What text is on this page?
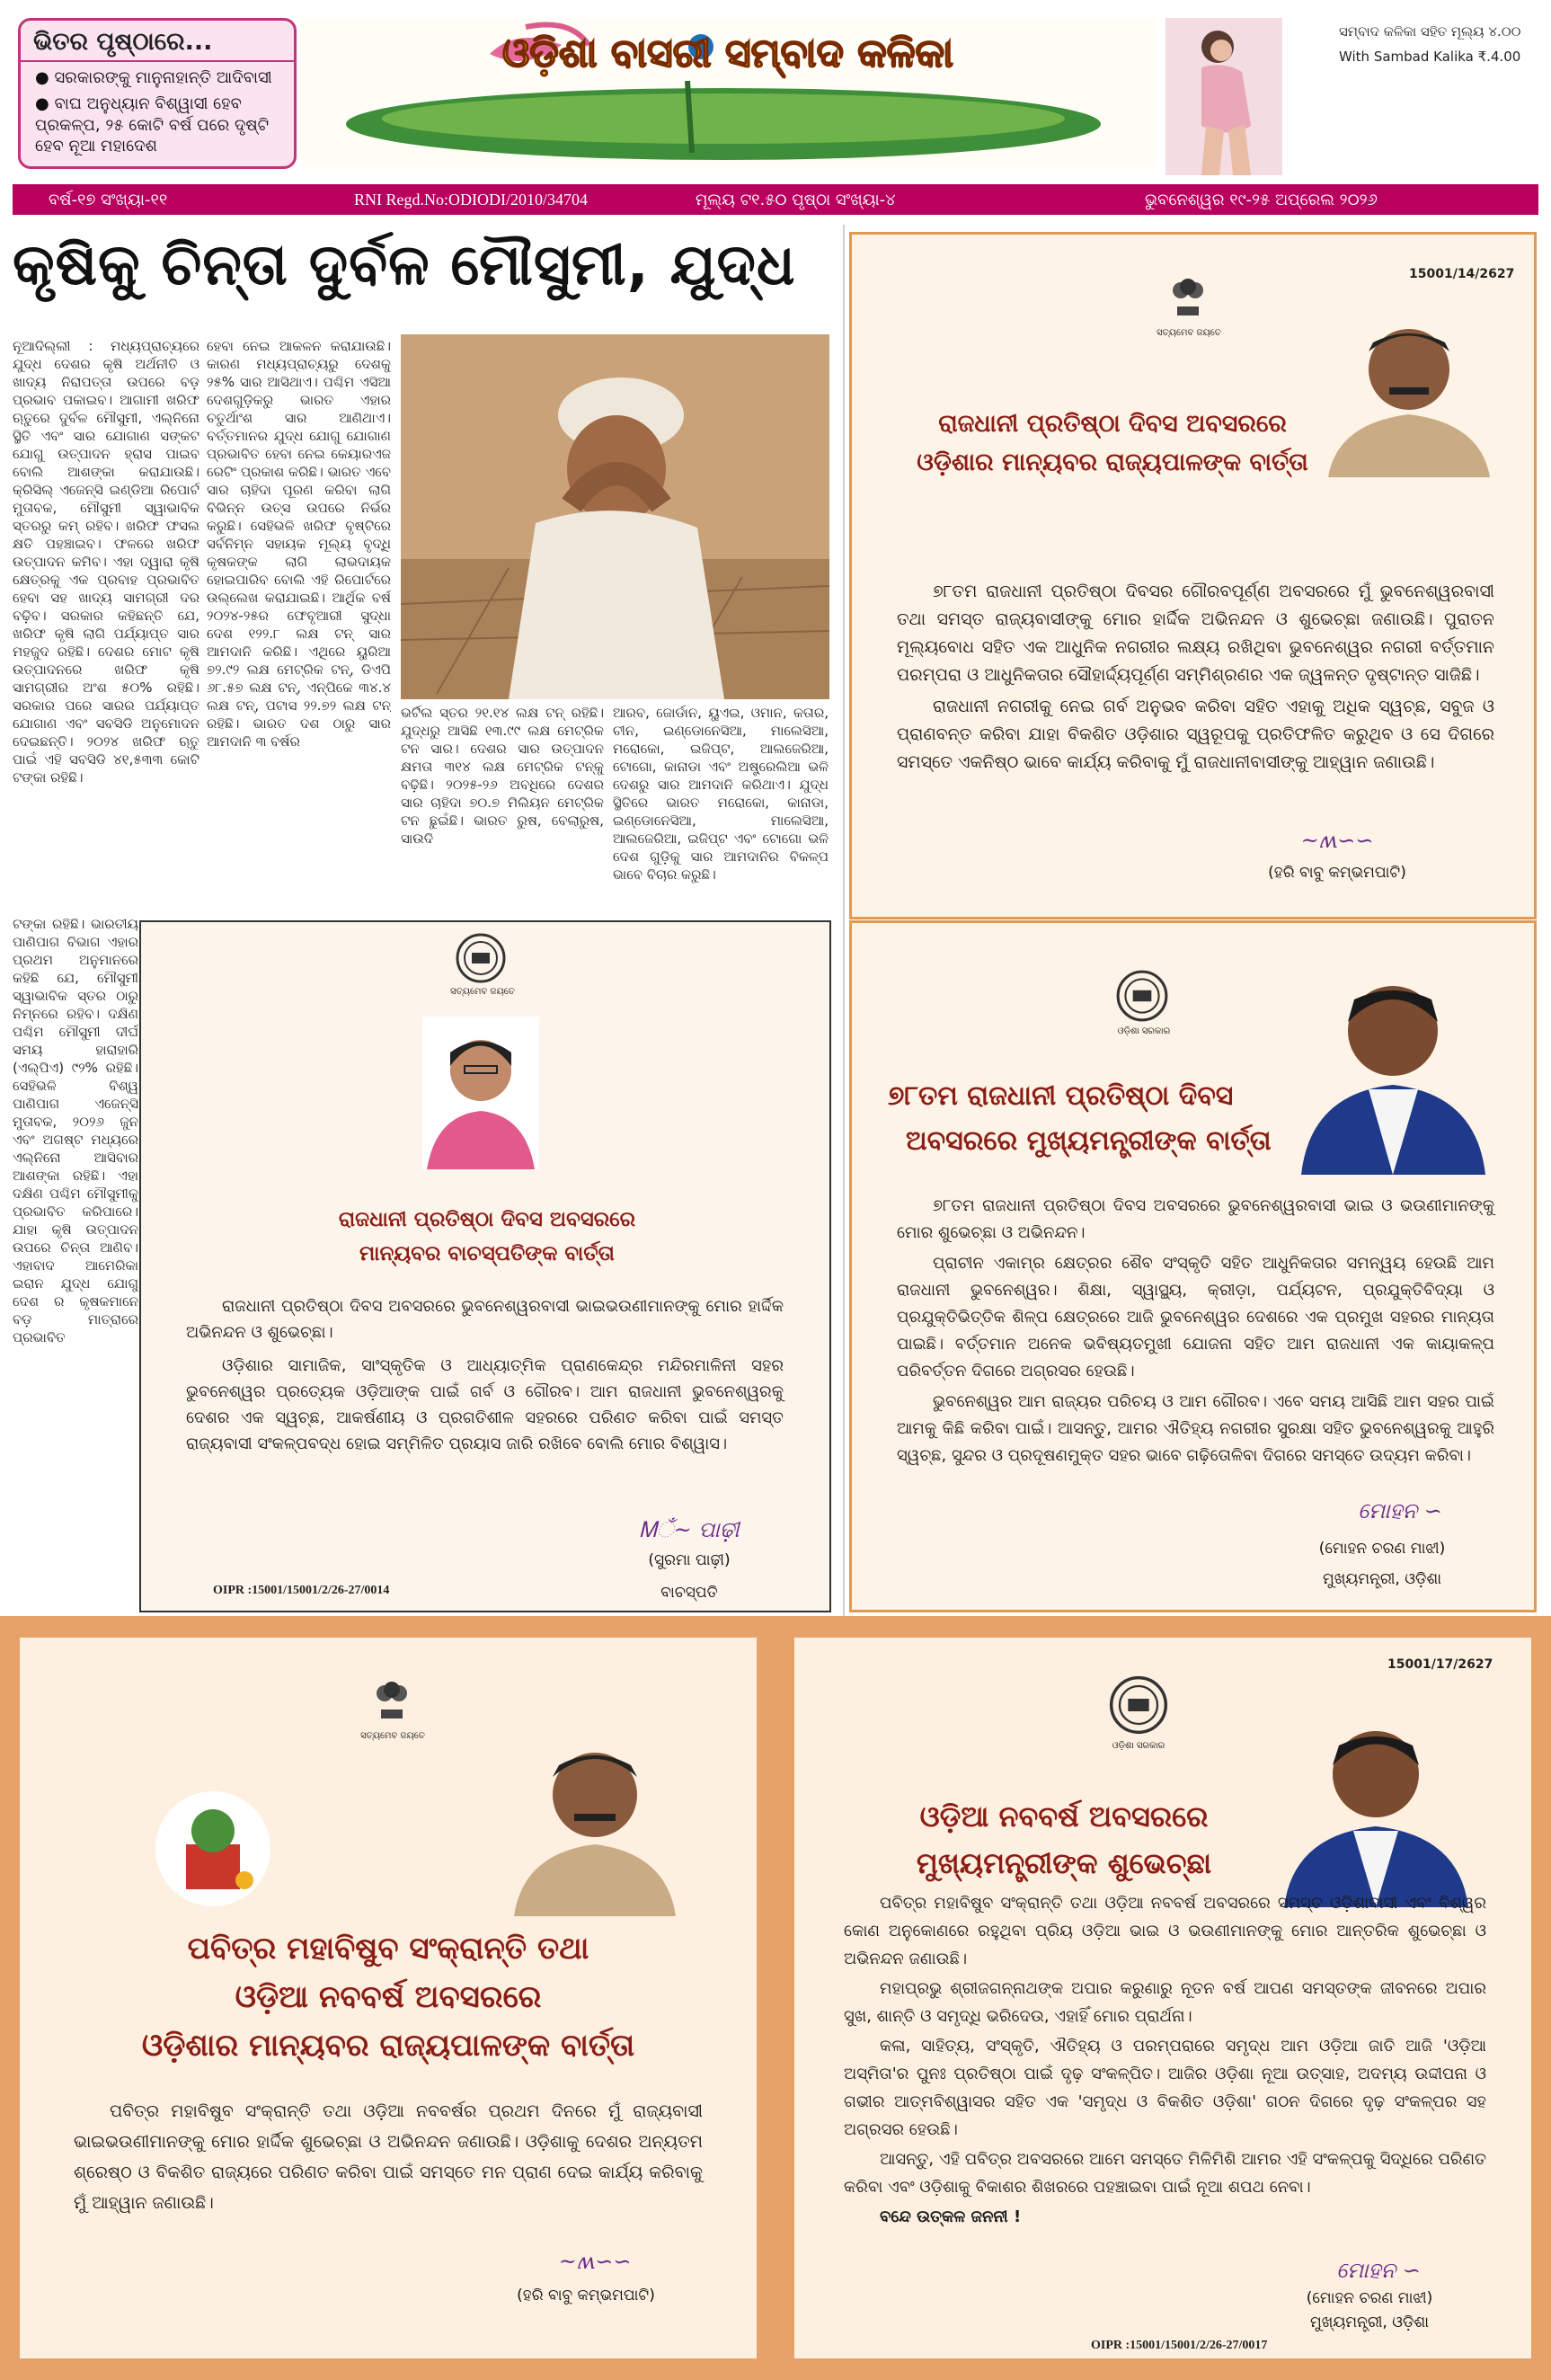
ଭିତର ପୃଷ୍ଠାରେ...
● ସରକାରଙ୍କୁ ମାନୁନାହାନ୍ତି ଆଦିବାସୀ
● ବାଘ ଅନୁଧ୍ୟାନ ବିଶ୍ୱାସୀ ହେବ ପ୍ରକଳ୍ପ, ୨୫ କୋଟି ବର୍ଷ ପରେ ଦୃଷ୍ଟି ହେବ ନୂଆ ମହାଦେଶ
ଓଡ଼ିଶା ବାସରୀ ସମ୍ବାଦ କଳିକା	ସମ୍ବାଦ କଳିକା ସହିତ ମୂଲ୍ୟ ୪.୦୦
With Sambad Kalika ₹.4.00
ବର୍ଷ-୧୭ ସଂଖ୍ୟା-୧୧	RNI Regd.No:ODIODI/2010/34704	ମୂଲ୍ୟ ଟ୧.୫୦ ପୃଷ୍ଠା ସଂଖ୍ୟା-୪	ଭୁବନେଶ୍ୱର ୧୯-୨୫ ଅପ୍ରେଲ ୨୦୨୬
କୃଷିକୁ ଚିନ୍ତା ଦୁର୍ବଳ ମୌସୁମୀ, ଯୁଦ୍ଧ
ନୂଆଦିଲ୍ଲୀ : ମଧ୍ୟପ୍ରାଚ୍ୟରେ ଯୁଦ୍ଧ ଦେଶର କୃଷି ଅର୍ଥନୀତି ଓ ଖାଦ୍ୟ ନିରାପତ୍ତା ଉପରେ ବଡ଼ ପ୍ରଭାବ ପକାଇବ। ଆଗାମୀ ଖରିଫ ଋତୁରେ ଦୁର୍ବଳ ମୌସୁମୀ, ଏଲ୍‌ନିନୋ ସ୍ଥିତି ଏବଂ ସାର ଯୋଗାଣ ସଙ୍କଟ ଯୋଗୁ ଉତ୍ପାଦନ ହ୍ରାସ ପାଇବ ବୋଲି ଆଶଙ୍କା କରାଯାଉଛି। କ୍ରିସିଲ୍ ଏଜେନ୍ସି ଇଣ୍ଡିଆ ରିପୋର୍ଟ ମୁତାବକ, ମୌସୁମୀ ସ୍ୱାଭାବିକ ସ୍ତରରୁ କମ୍ ରହିବ। ଖରିଫ ଫସଲ କ୍ଷତି ପହଞ୍ଚାଇବ। ଫଳରେ ଖରିଫ ଉତ୍ପାଦନ କମିବ। ଏହା ଦ୍ୱାରା କୃଷି କ୍ଷେତ୍ରକୁ ଏକ ପ୍ରବାହ ପ୍ରଭାବିତ ହେବା ସହ ଖାଦ୍ୟ ସାମଗ୍ରୀ ଦର ବଢ଼ିବ। ସରକାର କହିଛନ୍ତି ଯେ, ଖରିଫ କୃଷି ଲାଗି ପର୍ଯ୍ୟାପ୍ତ ସାର ମହଜୁଦ ରହିଛି। ଦେଶର ମୋଟ କୃଷି ଉତ୍ପାଦନରେ ଖରିଫ କୃଷି ସାମଗ୍ରୀର ଅଂଶ ୫୦% ରହିଛି। ସରକାର ପରେ ସାରର ପର୍ଯ୍ୟାପ୍ତ ଯୋଗାଣ ଏବଂ ସବସିଡି ଅନୁମୋଦନ ଦେଇଛନ୍ତି। ୨୦୨୪ ଖରିଫ ଋତୁ ପାଇଁ ଏହି ସବସିଡି ୪୧,୫୩୩ କୋଟି ଟଙ୍କା ରହିଛି।
ହେବା ନେଇ ଆକଳନ କରାଯାଉଛି। କାରଣ ମଧ୍ୟପ୍ରାଚ୍ୟରୁ ଦେଶକୁ ୨୫% ସାର ଆସିଥାଏ। ପଶ୍ଚିମ ଏସିଆ ଦେଶଗୁଡ଼ିକରୁ ଭାରତ ଏହାର ଚତୁର୍ଥାଂଶ ସାର ଆଣିଥାଏ। ବର୍ତ୍ତମାନର ଯୁଦ୍ଧ ଯୋଗୁ ଯୋଗାଣ ପ୍ରଭାବିତ ହେବା ନେଇ କେୟାରଏଜ ରେଟିଂ ପ୍ରକାଶ କରିଛି। ଭାରତ ଏବେ ସାର ଚାହିଦା ପୂରଣ କରିବା ଲାଗି ବିଭିନ୍ନ ଉତ୍ସ ଉପରେ ନିର୍ଭର କରୁଛି। ସେହିଭଳି ଖରିଫ ବୃଷ୍ଟିରେ ସର୍ବନିମ୍ନ ସହାୟକ ମୂଲ୍ୟ ବୃଦ୍ଧି କୃଷକଙ୍କ ଲାଗି ଲାଭଦାୟକ ହୋଇପାରିବ ବୋଲି ଏହି ରିପୋର୍ଟରେ ଉଲ୍ଲେଖ କରାଯାଇଛି। ଆର୍ଥିକ ବର୍ଷ ୨୦୨୪-୨୫ର ଫେବୃଆରୀ ସୁଦ୍ଧା ଦେଶ ୧୨୨.୮ ଲକ୍ଷ ଟନ୍ ସାର ଆମଦାନି କରିଛି। ଏଥିରେ ୟୁରିଆ ୭୨.୯୨ ଲକ୍ଷ ମେଟ୍ରିକ ଟନ୍, ଡିଏପି ୬୮.୫୭ ଲକ୍ଷ ଟନ୍, ଏନ୍‌ପିକେ ୩୪.୪ ଲକ୍ଷ ଟନ୍, ପଟାସ ୨୨.୭୨ ଲକ୍ଷ ଟନ୍ ରହିଛି। ଭାରତ ଦଶ ଠାରୁ ସାର ଆମଦାନି ୩ ବର୍ଷର
ଟଙ୍କା ରହିଛି। ଭାରତୀୟ ପାଣିପାଗ ବିଭାଗ ଏହାର ପ୍ରଥମ ଅନୁମାନରେ କହିଛି ଯେ, ମୌସୁମୀ ସ୍ୱାଭାବିକ ସ୍ତର ଠାରୁ ନିମ୍ନରେ ରହିବ। ଦକ୍ଷିଣ ପଶ୍ଚିମ ମୌସୁମୀ ଦୀର୍ଘ ସମୟ ହାରାହାରି (ଏଲ୍‌ପିଏ) ୯୨% ରହିଛି। ସେହିଭଳି ବିଶ୍ୱ ପାଣିପାଗ ଏଜେନ୍ସି ମୁତାବକ, ୨୦୨୬ ଜୁନ ଏବଂ ଅଗଷ୍ଟ ମଧ୍ୟରେ ଏଲ୍‌ନିନୋ ଆସିବାର ଆଶଙ୍କା ରହିଛି। ଏହା ଦକ୍ଷିଣ ପଶ୍ଚିମ ମୌସୁମୀକୁ ପ୍ରଭାବିତ କରିପାରେ। ଯାହା କୃଷି ଉତ୍ପାଦନ ଉପରେ ଚିନ୍ତା ଆଣିବ। ଏହାବାଦ ଆମେରିକା ଇରାନ ଯୁଦ୍ଧ ଯୋଗୁ ଦେଶ ର କୃଷକମାନେ ବଡ଼ ମାତ୍ରାରେ ପ୍ରଭାବିତ
ଭର୍ଟିଲ ସ୍ତର ୨୧.୧୪ ଲକ୍ଷ ଟନ୍ ରହିଛି। ଯୁଦ୍ଧରୁ ଆସିଛି ୧୩.୯୯ ଲକ୍ଷ ମେଟ୍ରିକ ଟନ ସାର। ଦେଶର ସାର ଉତ୍ପାଦନ କ୍ଷମତା ୩୧୪ ଲକ୍ଷ ମେଟ୍ରିକ ଟନ୍‌କୁ ବଢ଼ିଛି। ୨୦୨୫-୨୬ ଅବଧିରେ ଦେଶର ସାର ଚାହିଦା ୭୦.୭ ମିଲିୟନ ମେଟ୍ରିକ ଟନ ଛୁଇଁଛି। ଭାରତ ରୁଷ, ବେଲାରୁଷ, ସାଉଦି
ଆରବ, ଜୋର୍ଡାନ, ୟୁଏଇ, ଓମାନ, କତାର, ଚୀନ, ଇଣ୍ଡୋନେସିଆ, ମାଲେସିଆ, ମରୋକୋ, ଇଜିପ୍ଟ, ଆଲଜେରିଆ, ଟୋଗୋ, କାନାଡା ଏବଂ ଅଷ୍ଟ୍ରେଲିଆ ଭଳି ଦେଶରୁ ସାର ଆମଦାନି କରିଥାଏ। ଯୁଦ୍ଧ ସ୍ଥିତିରେ ଭାରତ ମରୋକୋ, କାନାଡା, ଇଣ୍ଡୋନେସିଆ, ମାଲେସିଆ, ଆଲଜେରିଆ, ଇଜିପ୍ଟ ଏବଂ ଟୋଗୋ ଭଳି ଦେଶ ଗୁଡ଼ିକୁ ସାର ଆମଦାନିର ବିକଳ୍ପ ଭାବେ ବିଚାର କରୁଛି।
15001/14/2627
ସତ୍ୟମେବ ଜୟତେ
ରାଜଧାନୀ ପ୍ରତିଷ୍ଠା ଦିବସ ଅବସରରେ
ଓଡ଼ିଶାର ମାନ୍ୟବର ରାଜ୍ୟପାଳଙ୍କ ବାର୍ତ୍ତା

୭୮ତମ ରାଜଧାନୀ ପ୍ରତିଷ୍ଠା ଦିବସର ଗୌରବପୂର୍ଣ୍ଣ ଅବସରରେ ମୁଁ ଭୁବନେଶ୍ୱରବାସୀ ତଥା ସମସ୍ତ ରାଜ୍ୟବାସୀଙ୍କୁ ମୋର ହାର୍ଦ୍ଦିକ ଅଭିନନ୍ଦନ ଓ ଶୁଭେଚ୍ଛା ଜଣାଉଛି। ପୁରାତନ ମୂଲ୍ୟବୋଧ ସହିତ ଏକ ଆଧୁନିକ ନଗରୀର ଲକ୍ଷ୍ୟ ରଖିଥିବା ଭୁବନେଶ୍ୱର ନଗରୀ ବର୍ତ୍ତମାନ ପରମ୍ପରା ଓ ଆଧୁନିକତାର ସୌହାର୍ଦ୍ଦ୍ୟପୂର୍ଣ୍ଣ ସମ୍ମିଶ୍ରଣର ଏକ ଜ୍ୱଳନ୍ତ ଦୃଷ୍ଟାନ୍ତ ସାଜିଛି।

ରାଜଧାନୀ ନଗରୀକୁ ନେଇ ଗର୍ବ ଅନୁଭବ କରିବା ସହିତ ଏହାକୁ ଅଧିକ ସ୍ୱଚ୍ଛ, ସବୁଜ ଓ ପ୍ରାଣବନ୍ତ କରିବା ଯାହା ବିକଶିତ ଓଡ଼ିଶାର ସ୍ୱରୂପକୁ ପ୍ରତିଫଳିତ କରୁଥିବ ଓ ସେ ଦିଗରେ ସମସ୍ତେ ଏକନିଷ୍ଠ ଭାବେ କାର୍ଯ୍ୟ କରିବାକୁ ମୁଁ ରାଜଧାନୀବାସୀଙ୍କୁ ଆହ୍ୱାନ ଜଣାଉଛି।

~ʍ∽∽
(ହରି ବାବୁ କମ୍ଭମପାଟି)
ସତ୍ୟମେବ ଜୟତେ
ରାଜଧାନୀ ପ୍ରତିଷ୍ଠା ଦିବସ ଅବସରରେ
ମାନ୍ୟବର ବାଚସ୍ପତିଙ୍କ ବାର୍ତ୍ତା

ରାଜଧାନୀ ପ୍ରତିଷ୍ଠା ଦିବସ ଅବସରରେ ଭୁବନେଶ୍ୱରବାସୀ ଭାଇଭଉଣୀମାନଙ୍କୁ ମୋର ହାର୍ଦ୍ଦିକ ଅଭିନନ୍ଦନ ଓ ଶୁଭେଚ୍ଛା।

ଓଡ଼ିଶାର ସାମାଜିକ, ସାଂସ୍କୃତିକ ଓ ଆଧ୍ୟାତ୍ମିକ ପ୍ରାଣକେନ୍ଦ୍ର ମନ୍ଦିରମାଳିନୀ ସହର ଭୁବନେଶ୍ୱର ପ୍ରତ୍ୟେକ ଓଡ଼ିଆଙ୍କ ପାଇଁ ଗର୍ବ ଓ ଗୌରବ। ଆମ ରାଜଧାନୀ ଭୁବନେଶ୍ୱରକୁ ଦେଶର ଏକ ସ୍ୱଚ୍ଛ, ଆକର୍ଷଣୀୟ ଓ ପ୍ରଗତିଶୀଳ ସହରରେ ପରିଣତ କରିବା ପାଇଁ ସମସ୍ତ ରାଜ୍ୟବାସୀ ସଂକଳ୍ପବଦ୍ଧ ହୋଇ ସମ୍ମିଳିତ ପ୍ରୟାସ ଜାରି ରଖିବେ ବୋଲି ମୋର ବିଶ୍ୱାସ।

Ꮇଁ~ ପାଢ଼ୀ
(ସୁରମା ପାଢ଼ୀ)
OIPR :15001/15001/2/26-27/0014	ବାଚସ୍ପତି
ଓଡ଼ିଶା ସରକାର
୭୮ତମ ରାଜଧାନୀ ପ୍ରତିଷ୍ଠା ଦିବସ
ଅବସରରେ ମୁଖ୍ୟମନ୍ତ୍ରୀଙ୍କ ବାର୍ତ୍ତା

୭୮ତମ ରାଜଧାନୀ ପ୍ରତିଷ୍ଠା ଦିବସ ଅବସରରେ ଭୁବନେଶ୍ୱରବାସୀ ଭାଇ ଓ ଭଉଣୀମାନଙ୍କୁ ମୋର ଶୁଭେଚ୍ଛା ଓ ଅଭିନନ୍ଦନ।

ପ୍ରାଚୀନ ଏକାମ୍ର କ୍ଷେତ୍ରର ଶୈବ ସଂସ୍କୃତି ସହିତ ଆଧୁନିକତାର ସମନ୍ୱୟ ହେଉଛି ଆମ ରାଜଧାନୀ ଭୁବନେଶ୍ୱର। ଶିକ୍ଷା, ସ୍ୱାସ୍ଥ୍ୟ, କ୍ରୀଡ଼ା, ପର୍ଯ୍ୟଟନ, ପ୍ରଯୁକ୍ତିବିଦ୍ୟା ଓ ପ୍ରଯୁକ୍ତିଭିତ୍ତିକ ଶିଳ୍ପ କ୍ଷେତ୍ରରେ ଆଜି ଭୁବନେଶ୍ୱର ଦେଶରେ ଏକ ପ୍ରମୁଖ ସହରର ମାନ୍ୟତା ପାଇଛି। ବର୍ତ୍ତମାନ ଅନେକ ଭବିଷ୍ୟତମୁଖୀ ଯୋଜନା ସହିତ ଆମ ରାଜଧାନୀ ଏକ କାୟାକଳ୍ପ ପରିବର୍ତ୍ତନ ଦିଗରେ ଅଗ୍ରସର ହେଉଛି।

ଭୁବନେଶ୍ୱର ଆମ ରାଜ୍ୟର ପରିଚୟ ଓ ଆମ ଗୌରବ। ଏବେ ସମୟ ଆସିଛି ଆମ ସହର ପାଇଁ ଆମକୁ କିଛି କରିବା ପାଇଁ। ଆସନ୍ତୁ, ଆମର ଐତିହ୍ୟ ନଗରୀର ସୁରକ୍ଷା ସହିତ ଭୁବନେଶ୍ୱରକୁ ଆହୁରି ସ୍ୱଚ୍ଛ, ସୁନ୍ଦର ଓ ପ୍ରଦୂଷଣମୁକ୍ତ ସହର ଭାବେ ଗଢ଼ିତୋଳିବା ଦିଗରେ ସମସ୍ତେ ଉଦ୍ୟମ କରିବା।

ମୋହନ ∽
(ମୋହନ ଚରଣ ମାଝୀ)
ମୁଖ୍ୟମନ୍ତ୍ରୀ, ଓଡ଼ିଶା
ସତ୍ୟମେବ ଜୟତେ
ପବିତ୍ର ମହାବିଷୁବ ସଂକ୍ରାନ୍ତି ତଥା
ଓଡ଼ିଆ ନବବର୍ଷ ଅବସରରେ
ଓଡ଼ିଶାର ମାନ୍ୟବର ରାଜ୍ୟପାଳଙ୍କ ବାର୍ତ୍ତା

ପବିତ୍ର ମହାବିଷୁବ ସଂକ୍ରାନ୍ତି ତଥା ଓଡ଼ିଆ ନବବର୍ଷର ପ୍ରଥମ ଦିନରେ ମୁଁ ରାଜ୍ୟବାସୀ ଭାଇଭଉଣୀମାନଙ୍କୁ ମୋର ହାର୍ଦ୍ଦିକ ଶୁଭେଚ୍ଛା ଓ ଅଭିନନ୍ଦନ ଜଣାଉଛି। ଓଡ଼ିଶାକୁ ଦେଶର ଅନ୍ୟତମ ଶ୍ରେଷ୍ଠ ଓ ବିକଶିତ ରାଜ୍ୟରେ ପରିଣତ କରିବା ପାଇଁ ସମସ୍ତେ ମନ ପ୍ରାଣ ଦେଇ କାର୍ଯ୍ୟ କରିବାକୁ ମୁଁ ଆହ୍ୱାନ ଜଣାଉଛି।

~ʍ∽∽
(ହରି ବାବୁ କମ୍ଭମପାଟି)
15001/17/2627
ଓଡ଼ିଶା ସରକାର
ଓଡ଼ିଆ ନବବର୍ଷ ଅବସରରେ
ମୁଖ୍ୟମନ୍ତ୍ରୀଙ୍କ ଶୁଭେଚ୍ଛା

ପବିତ୍ର ମହାବିଷୁବ ସଂକ୍ରାନ୍ତି ତଥା ଓଡ଼ିଆ ନବବର୍ଷ ଅବସରରେ ସମସ୍ତ ଓଡ଼ିଶାବାସୀ ଏବଂ ବିଶ୍ୱର କୋଣ ଅନୁକୋଣରେ ରହୁଥିବା ପ୍ରିୟ ଓଡ଼ିଆ ଭାଇ ଓ ଭଉଣୀମାନଙ୍କୁ ମୋର ଆନ୍ତରିକ ଶୁଭେଚ୍ଛା ଓ ଅଭିନନ୍ଦନ ଜଣାଉଛି।

ମହାପ୍ରଭୁ ଶ୍ରୀଜଗନ୍ନାଥଙ୍କ ଅପାର କରୁଣାରୁ ନୂତନ ବର୍ଷ ଆପଣ ସମସ୍ତଙ୍କ ଜୀବନରେ ଅପାର ସୁଖ, ଶାନ୍ତି ଓ ସମୃଦ୍ଧି ଭରିଦେଉ, ଏହାହିଁ ମୋର ପ୍ରାର୍ଥନା।

କଳା, ସାହିତ୍ୟ, ସଂସ୍କୃତି, ଐତିହ୍ୟ ଓ ପରମ୍ପରାରେ ସମୃଦ୍ଧ ଆମ ଓଡ଼ିଆ ଜାତି ଆଜି 'ଓଡ଼ିଆ ଅସ୍ମିତା'ର ପୁନଃ ପ୍ରତିଷ୍ଠା ପାଇଁ ଦୃଢ଼ ସଂକଳ୍ପିତ। ଆଜିର ଓଡ଼ିଶା ନୂଆ ଉତ୍ସାହ, ଅଦମ୍ୟ ଉଦ୍ଦୀପନା ଓ ଗଭୀର ଆତ୍ମବିଶ୍ୱାସର ସହିତ ଏକ 'ସମୃଦ୍ଧ ଓ ବିକଶିତ ଓଡ଼ିଶା' ଗଠନ ଦିଗରେ ଦୃଢ଼ ସଂକଳ୍ପର ସହ ଅଗ୍ରସର ହେଉଛି।

ଆସନ୍ତୁ, ଏହି ପବିତ୍ର ଅବସରରେ ଆମେ ସମସ୍ତେ ମିଳିମିଶି ଆମର ଏହି ସଂକଳ୍ପକୁ ସିଦ୍ଧିରେ ପରିଣତ କରିବା ଏବଂ ଓଡ଼ିଶାକୁ ବିକାଶର ଶିଖରରେ ପହଞ୍ଚାଇବା ପାଇଁ ନୂଆ ଶପଥ ନେବା।

ବନ୍ଦେ ଉତ୍କଳ ଜନନୀ !

ମୋହନ ∽
(ମୋହନ ଚରଣ ମାଝୀ)
ମୁଖ୍ୟମନ୍ତ୍ରୀ, ଓଡ଼ିଶା
OIPR :15001/15001/2/26-27/0017
